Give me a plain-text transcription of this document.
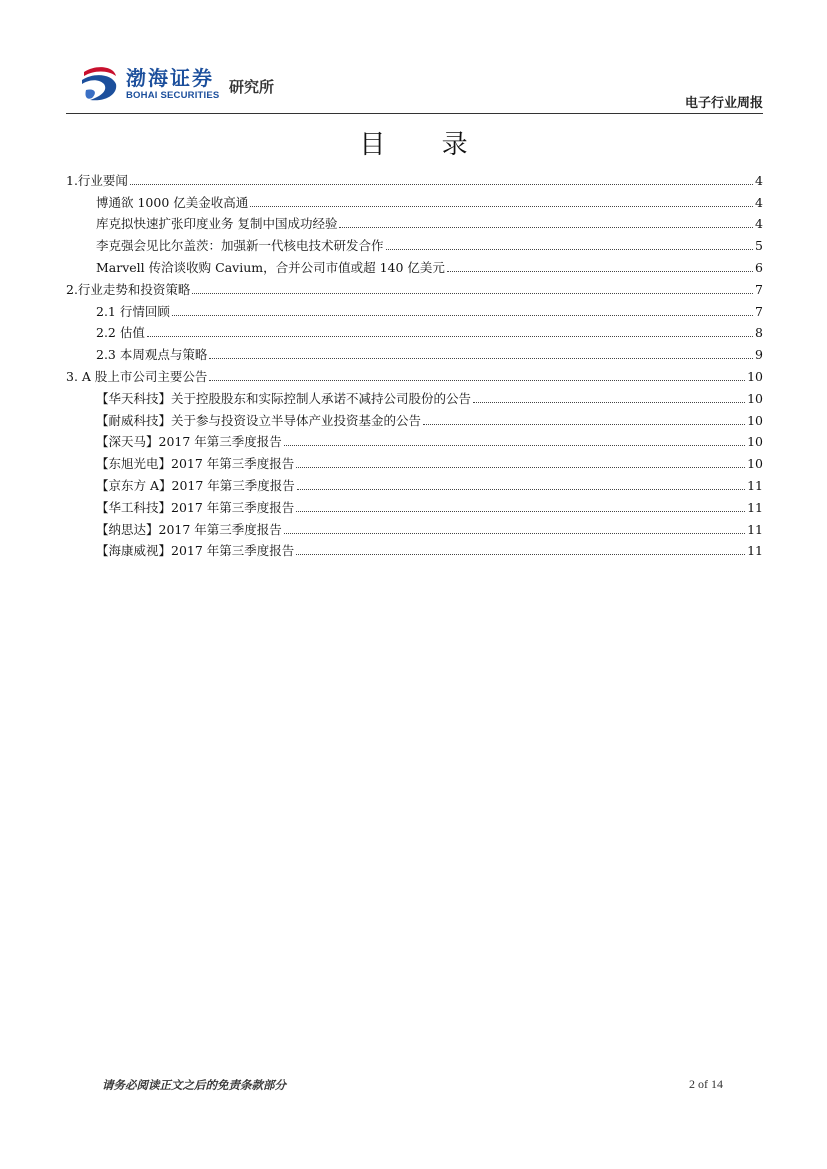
渤海证券
BOHAI SECURITIES 研究所
电子行业周报
目 录
1.行业要闻	4
博通欲 1000 亿美金收高通	4
库克拟快速扩张印度业务 复制中国成功经验	4
李克强会见比尔盖茨：加强新一代核电技术研发合作	5
Marvell 传洽谈收购 Cavium，合并公司市值或超 140 亿美元	6
2.行业走势和投资策略	7
2.1 行情回顾	7
2.2 估值	8
2.3 本周观点与策略	9
3. A 股上市公司主要公告	10
【华天科技】关于控股股东和实际控制人承诺不减持公司股份的公告	10
【耐威科技】关于参与投资设立半导体产业投资基金的公告	10
【深天马】2017 年第三季度报告	10
【东旭光电】2017 年第三季度报告	10
【京东方 A】2017 年第三季度报告	11
【华工科技】2017 年第三季度报告	11
【纳思达】2017 年第三季度报告	11
【海康威视】2017 年第三季度报告	11
请务必阅读正文之后的免责条款部分	2 of 14
